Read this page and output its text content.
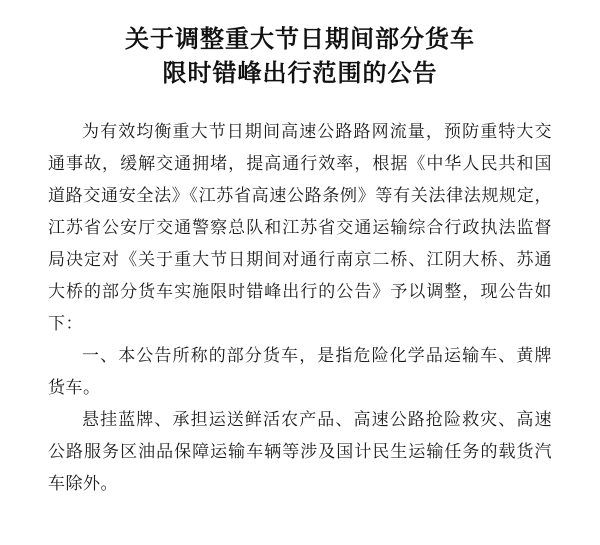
关于调整重大节日期间部分货车
限时错峰出行范围的公告

为有效均衡重大节日期间高速公路路网流量，预防重特大交通事故，缓解交通拥堵，提高通行效率，根据《中华人民共和国道路交通安全法》《江苏省高速公路条例》等有关法律法规规定，江苏省公安厅交通警察总队和江苏省交通运输综合行政执法监督局决定对《关于重大节日期间对通行南京二桥、江阴大桥、苏通大桥的部分货车实施限时错峰出行的公告》予以调整，现公告如下：

一、本公告所称的部分货车，是指危险化学品运输车、黄牌货车。

悬挂蓝牌、承担运送鲜活农产品、高速公路抢险救灾、高速公路服务区油品保障运输车辆等涉及国计民生运输任务的载货汽车除外。
